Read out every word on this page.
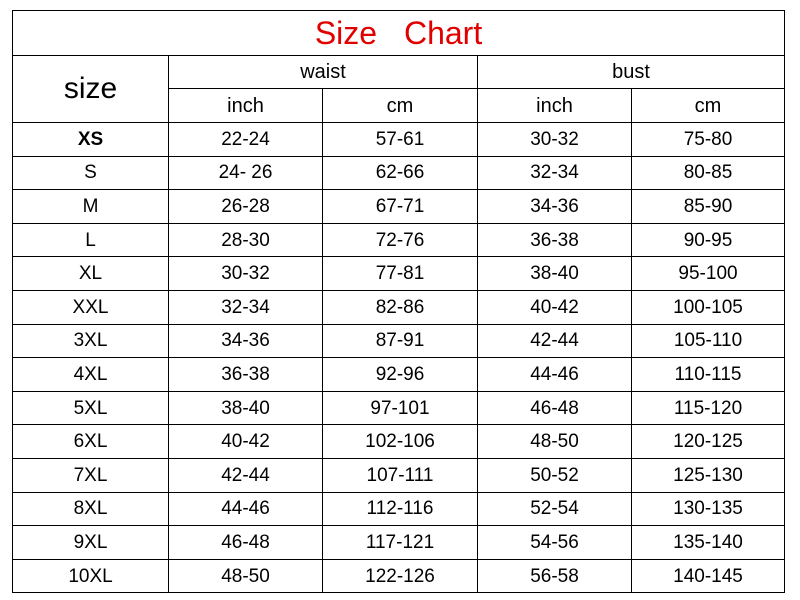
Size Chart				
size	waist		bust	
	inch	cm	inch	cm
XS	22-24	57-61	30-32	75-80
S	24- 26	62-66	32-34	80-85
M	26-28	67-71	34-36	85-90
L	28-30	72-76	36-38	90-95
XL	30-32	77-81	38-40	95-100
XXL	32-34	82-86	40-42	100-105
3XL	34-36	87-91	42-44	105-110
4XL	36-38	92-96	44-46	110-115
5XL	38-40	97-101	46-48	115-120
6XL	40-42	102-106	48-50	120-125
7XL	42-44	107-111	50-52	125-130
8XL	44-46	112-116	52-54	130-135
9XL	46-48	117-121	54-56	135-140
10XL	48-50	122-126	56-58	140-145
